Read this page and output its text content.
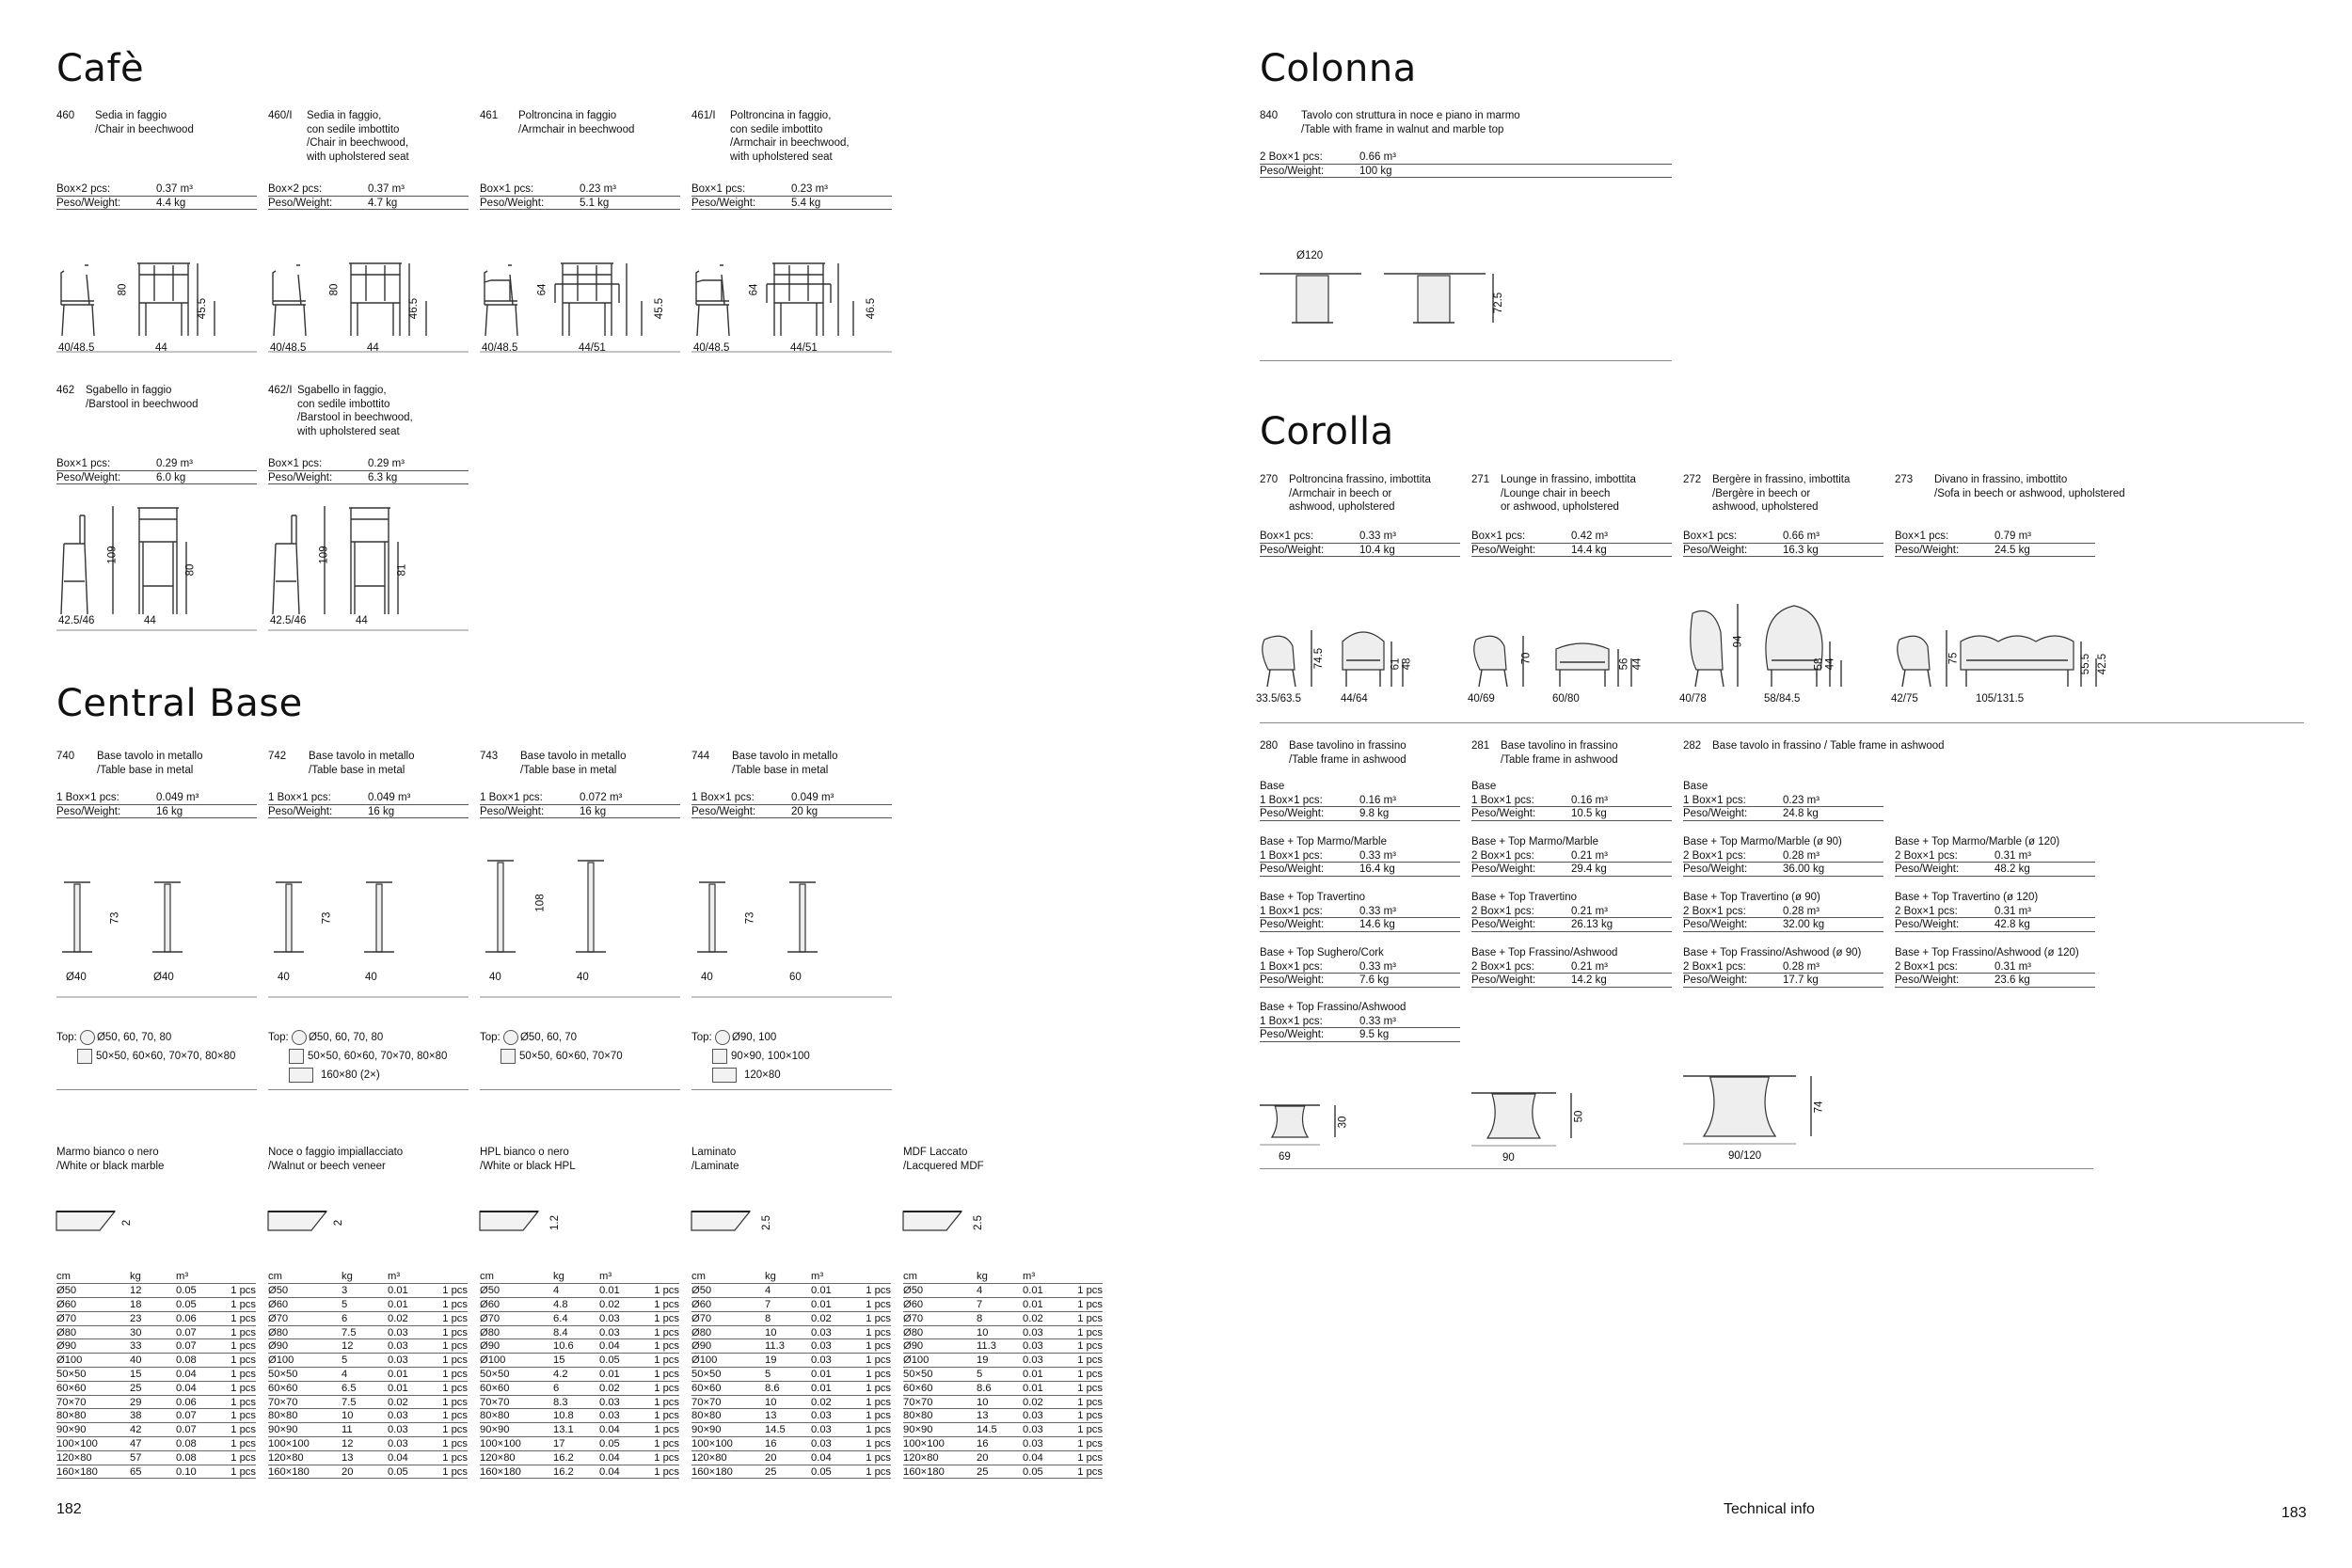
Cafè
Central Base
182
Colonna
840 Tavolo con struttura in noce e piano in marmo
/Table with frame in walnut and marble top
2 Box×1 pcs:	0.66 m³
Peso/Weight:	100 kg
Ø120
72.5
Corolla
Technical info	183
460 Sedia in faggio
/Chair in beechwood
Box×2 pcs:	0.37 m³
Peso/Weight:	4.4 kg
40/48.5	44
80
45.5
460/I Sedia in faggio,
con sedile imbottito
/Chair in beechwood,
with upholstered seat
Box×2 pcs:	0.37 m³
Peso/Weight:	4.7 kg
40/48.5	44
80
46.5
461 Poltroncina in faggio
/Armchair in beechwood
Box×1 pcs:	0.23 m³
Peso/Weight:	5.1 kg
40/48.5	44/51
64
45.5
461/I Poltroncina in faggio,
con sedile imbottito
/Armchair in beechwood,
with upholstered seat
Box×1 pcs:	0.23 m³
Peso/Weight:	5.4 kg
40/48.5	44/51
64
46.5
462 Sgabello in faggio
/Barstool in beechwood
Box×1 pcs:	0.29 m³
Peso/Weight:	6.0 kg
42.5/46	44
109
80
462/I Sgabello in faggio,
con sedile imbottito
/Barstool in beechwood,
with upholstered seat
Box×1 pcs:	0.29 m³
Peso/Weight:	6.3 kg
42.5/46	44
109
81
740 Base tavolo in metallo
/Table base in metal
1 Box×1 pcs:	0.049 m³
Peso/Weight:	16 kg
Ø40	Ø40
73
Top: Ø50, 60, 70, 80
50×50, 60×60, 70×70, 80×80
742 Base tavolo in metallo
/Table base in metal
1 Box×1 pcs:	0.049 m³
Peso/Weight:	16 kg
40	40
73
Top: Ø50, 60, 70, 80
50×50, 60×60, 70×70, 80×80
160×80 (2×)
743 Base tavolo in metallo
/Table base in metal
1 Box×1 pcs:	0.072 m³
Peso/Weight:	16 kg
40	40
108
Top: Ø50, 60, 70
50×50, 60×60, 70×70
744 Base tavolo in metallo
/Table base in metal
1 Box×1 pcs:	0.049 m³
Peso/Weight:	20 kg
40	60
73
Top: Ø90, 100
90×90, 100×100
120×80
Marmo bianco o nero
/White or black marble
2
cm	kg	m³	
Ø50	12	0.05	1 pcs
Ø60	18	0.05	1 pcs
Ø70	23	0.06	1 pcs
Ø80	30	0.07	1 pcs
Ø90	33	0.07	1 pcs
Ø100	40	0.08	1 pcs
50×50	15	0.04	1 pcs
60×60	25	0.04	1 pcs
70×70	29	0.06	1 pcs
80×80	38	0.07	1 pcs
90×90	42	0.07	1 pcs
100×100	47	0.08	1 pcs
120×80	57	0.08	1 pcs
160×180	65	0.10	1 pcs
Noce o faggio impiallacciato
/Walnut or beech veneer
2
cm	kg	m³	
Ø50	3	0.01	1 pcs
Ø60	5	0.01	1 pcs
Ø70	6	0.02	1 pcs
Ø80	7.5	0.03	1 pcs
Ø90	12	0.03	1 pcs
Ø100	5	0.03	1 pcs
50×50	4	0.01	1 pcs
60×60	6.5	0.01	1 pcs
70×70	7.5	0.02	1 pcs
80×80	10	0.03	1 pcs
90×90	11	0.03	1 pcs
100×100	12	0.03	1 pcs
120×80	13	0.04	1 pcs
160×180	20	0.05	1 pcs
HPL bianco o nero
/White or black HPL
1.2
cm	kg	m³	
Ø50	4	0.01	1 pcs
Ø60	4.8	0.02	1 pcs
Ø70	6.4	0.03	1 pcs
Ø80	8.4	0.03	1 pcs
Ø90	10.6	0.04	1 pcs
Ø100	15	0.05	1 pcs
50×50	4.2	0.01	1 pcs
60×60	6	0.02	1 pcs
70×70	8.3	0.03	1 pcs
80×80	10.8	0.03	1 pcs
90×90	13.1	0.04	1 pcs
100×100	17	0.05	1 pcs
120×80	16.2	0.04	1 pcs
160×180	16.2	0.04	1 pcs
Laminato
/Laminate
2.5
cm	kg	m³	
Ø50	4	0.01	1 pcs
Ø60	7	0.01	1 pcs
Ø70	8	0.02	1 pcs
Ø80	10	0.03	1 pcs
Ø90	11.3	0.03	1 pcs
Ø100	19	0.03	1 pcs
50×50	5	0.01	1 pcs
60×60	8.6	0.01	1 pcs
70×70	10	0.02	1 pcs
80×80	13	0.03	1 pcs
90×90	14.5	0.03	1 pcs
100×100	16	0.03	1 pcs
120×80	20	0.04	1 pcs
160×180	25	0.05	1 pcs
MDF Laccato
/Lacquered MDF
2.5
cm	kg	m³	
Ø50	4	0.01	1 pcs
Ø60	7	0.01	1 pcs
Ø70	8	0.02	1 pcs
Ø80	10	0.03	1 pcs
Ø90	11.3	0.03	1 pcs
Ø100	19	0.03	1 pcs
50×50	5	0.01	1 pcs
60×60	8.6	0.01	1 pcs
70×70	10	0.02	1 pcs
80×80	13	0.03	1 pcs
90×90	14.5	0.03	1 pcs
100×100	16	0.03	1 pcs
120×80	20	0.04	1 pcs
160×180	25	0.05	1 pcs
270 Poltroncina frassino, imbottita
/Armchair in beech or
ashwood, upholstered
Box×1 pcs:	0.33 m³
Peso/Weight:	10.4 kg
33.5/63.5	44/64
74.5	61 48
271 Lounge in frassino, imbottita
/Lounge chair in beech
or ashwood, upholstered
Box×1 pcs:	0.42 m³
Peso/Weight:	14.4 kg
40/69	60/80
70	56 44
272 Bergère in frassino, imbottita
/Bergère in beech or
ashwood, upholstered
Box×1 pcs:	0.66 m³
Peso/Weight:	16.3 kg
40/78	58/84.5
94
58 44
273 Divano in frassino, imbottito
/Sofa in beech or ashwood, upholstered
Box×1 pcs:	0.79 m³
Peso/Weight:	24.5 kg
42/75	105/131.5
75	55.5 42.5
280 Base tavolino in frassino
/Table frame in ashwood
281 Base tavolino in frassino
/Table frame in ashwood
282 Base tavolo in frassino / Table frame in ashwood
Base
1 Box×1 pcs:	0.16 m³
Peso/Weight:	9.8 kg
Base
1 Box×1 pcs:	0.16 m³
Peso/Weight:	10.5 kg
Base
1 Box×1 pcs:	0.23 m³
Peso/Weight:	24.8 kg
Base + Top Marmo/Marble
1 Box×1 pcs:	0.33 m³
Peso/Weight:	16.4 kg
Base + Top Marmo/Marble
2 Box×1 pcs:	0.21 m³
Peso/Weight:	29.4 kg
Base + Top Marmo/Marble (ø 90)
2 Box×1 pcs:	0.28 m³
Peso/Weight:	36.00 kg
Base + Top Marmo/Marble (ø 120)
2 Box×1 pcs:	0.31 m³
Peso/Weight:	48.2 kg
Base + Top Travertino
1 Box×1 pcs:	0.33 m³
Peso/Weight:	14.6 kg
Base + Top Travertino
2 Box×1 pcs:	0.21 m³
Peso/Weight:	26.13 kg
Base + Top Travertino (ø 90)
2 Box×1 pcs:	0.28 m³
Peso/Weight:	32.00 kg
Base + Top Travertino (ø 120)
2 Box×1 pcs:	0.31 m³
Peso/Weight:	42.8 kg
Base + Top Sughero/Cork
1 Box×1 pcs:	0.33 m³
Peso/Weight:	7.6 kg
Base + Top Frassino/Ashwood
2 Box×1 pcs:	0.21 m³
Peso/Weight:	14.2 kg
Base + Top Frassino/Ashwood (ø 90)
2 Box×1 pcs:	0.28 m³
Peso/Weight:	17.7 kg
Base + Top Frassino/Ashwood (ø 120)
2 Box×1 pcs:	0.31 m³
Peso/Weight:	23.6 kg
Base + Top Frassino/Ashwood
1 Box×1 pcs:	0.33 m³
Peso/Weight:	9.5 kg
69
30
90
50
90/120
74
